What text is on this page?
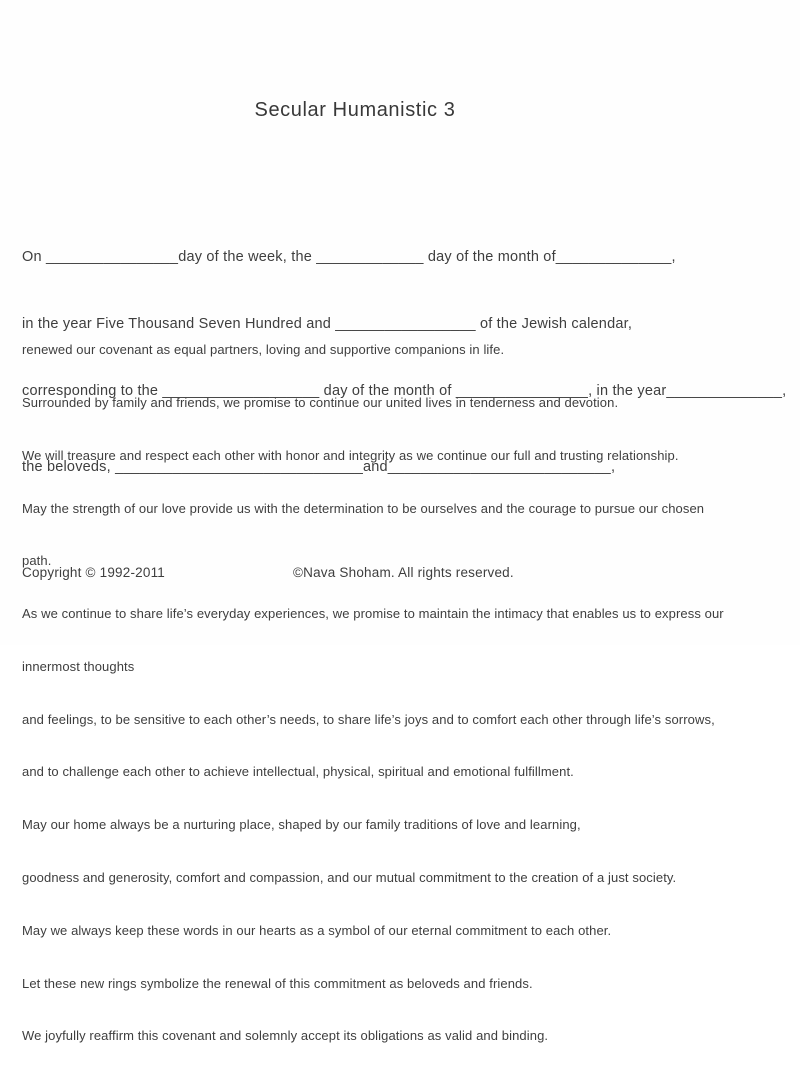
Secular Humanistic 3

On ________________day of the week, the _____________ day of the month of______________,

in the year Five Thousand Seven Hundred and _________________ of the Jewish calendar,

corresponding to the ___________________ day of the month of ________________, in the year______________,

the beloveds, ______________________________and___________________________,

renewed our covenant as equal partners, loving and supportive companions in life.

Surrounded by family and friends, we promise to continue our united lives in tenderness and devotion.

We will treasure and respect each other with honor and integrity as we continue our full and trusting relationship.

May the strength of our love provide us with the determination to be ourselves and the courage to pursue our chosen

path.

As we continue to share life’s everyday experiences, we promise to maintain the intimacy that enables us to express our

innermost thoughts

and feelings, to be sensitive to each other’s needs, to share life’s joys and to comfort each other through life’s sorrows,

and to challenge each other to achieve intellectual, physical, spiritual and emotional fulfillment.

May our home always be a nurturing place, shaped by our family traditions of love and learning,

goodness and generosity, comfort and compassion, and our mutual commitment to the creation of a just society.

May we always keep these words in our hearts as a symbol of our eternal commitment to each other.

Let these new rings symbolize the renewal of this commitment as beloveds and friends.

We joyfully reaffirm this covenant and solemnly accept its obligations as valid and binding.

Copyright © 1992-2011	©Nava Shoham. All rights reserved.
